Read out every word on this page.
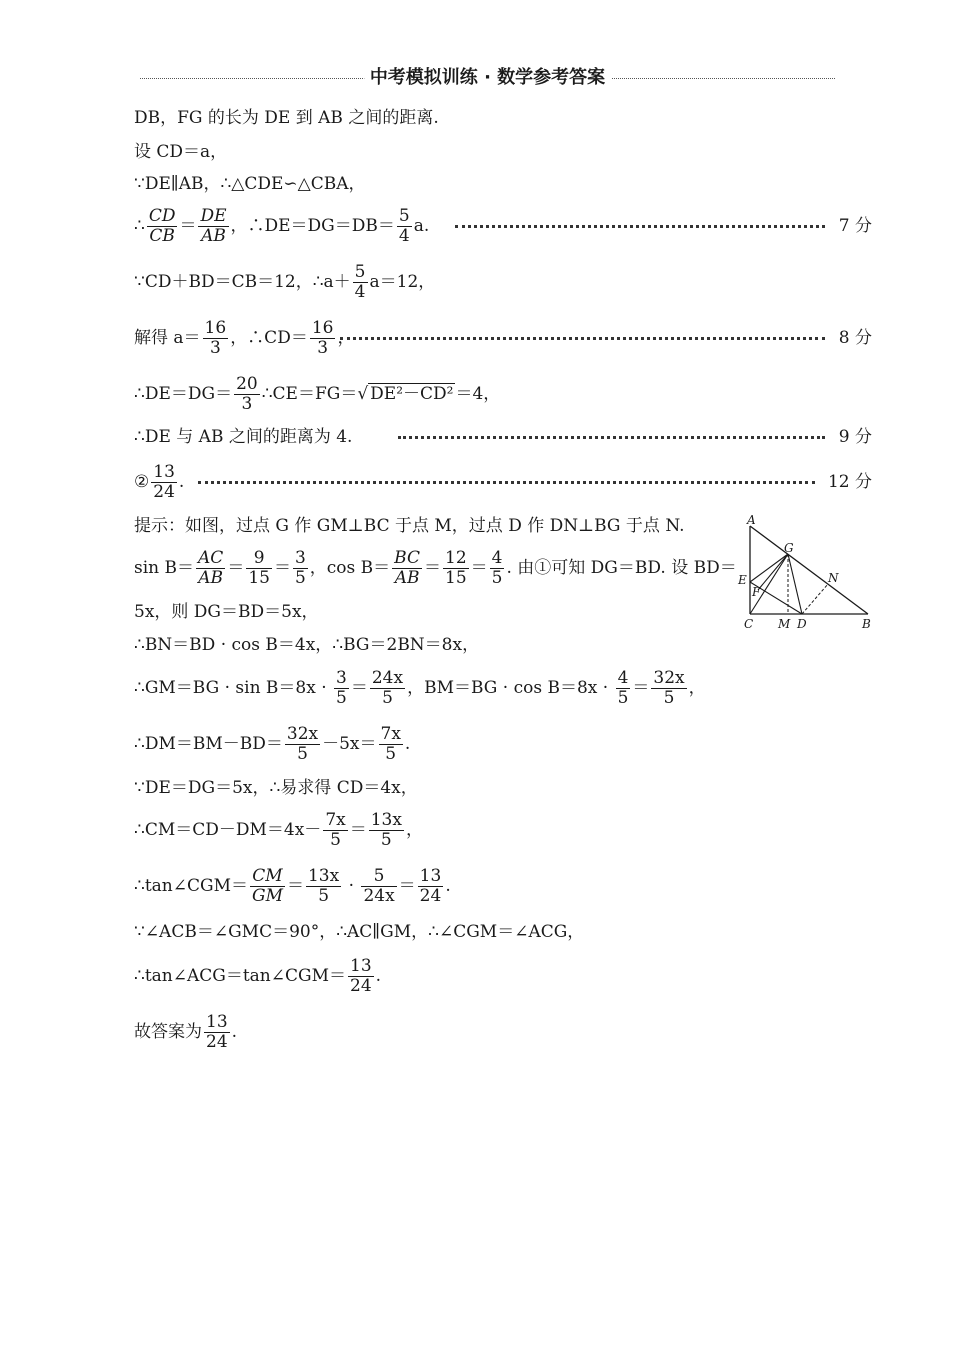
中考模拟训练 · 数学参考答案
DB，FG 的长为 DE 到 AB 之间的距离.
设 CD＝a，
∵DE∥AB，∴△CDE∽△CBA，
∴ $\frac{CD}{CB} = \frac{DE}{AB}$ ，∴DE＝DG＝DB＝ $\frac{5}{4} a$.	7 分
∵CD＋BD＝CB＝12，∴a＋ $\frac{5}{4} a=12$，
解得 $a= \frac{16}{3}$ ，∴CD＝ $\frac{16}{3}$ ，	8 分
∴DE＝DG＝ $\frac{20}{3}$ ∴CE＝FG＝√ DE²－CD² ＝4，
∴DE 与 AB 之间的距离为 4.	9 分
② $\frac{13}{24}$ .	12 分
提示：如图，过点 G 作 GM⊥BC 于点 M，过点 D 作 DN⊥BG 于点 N.
$\sin B= \frac{AC}{AB} = \frac{9}{15} = \frac{3}{5}$ ，$\cos B= \frac{BC}{AB} = \frac{12}{15} = \frac{4}{5}$ . 由①可知 DG＝BD. 设 BD＝
5x，则 DG＝BD＝5x，
∴BN＝BD · cos B＝4x，∴BG＝2BN＝8x，
∴GM＝BG · $\sin B=8x \cdot \frac{3}{5} = \frac{24x}{5}$ ，$BM=BG \cdot \cos B=8x \cdot \frac{4}{5} = \frac{32x}{5}$ ，
∴DM＝BM－BD＝ $\frac{32x}{5} -5x= \frac{7x}{5}$ .
∵DE＝DG＝5x，∴易求得 CD＝4x，
∴CM＝CD－DM＝4x－ $\frac{7x}{5} = \frac{13x}{5}$ ，
∴tan∠CGM＝ $\frac{CM}{GM} = \frac{13x}{5} \cdot \frac{5}{24x} = \frac{13}{24}$ .
∵∠ACB＝∠GMC＝90°，∴AC∥GM，∴∠CGM＝∠ACG，
∴tan∠ACG＝tan∠CGM＝ $\frac{13}{24}$ .
故答案为 $\frac{13}{24}$ .
A
G
E
F
N
C M D	B
